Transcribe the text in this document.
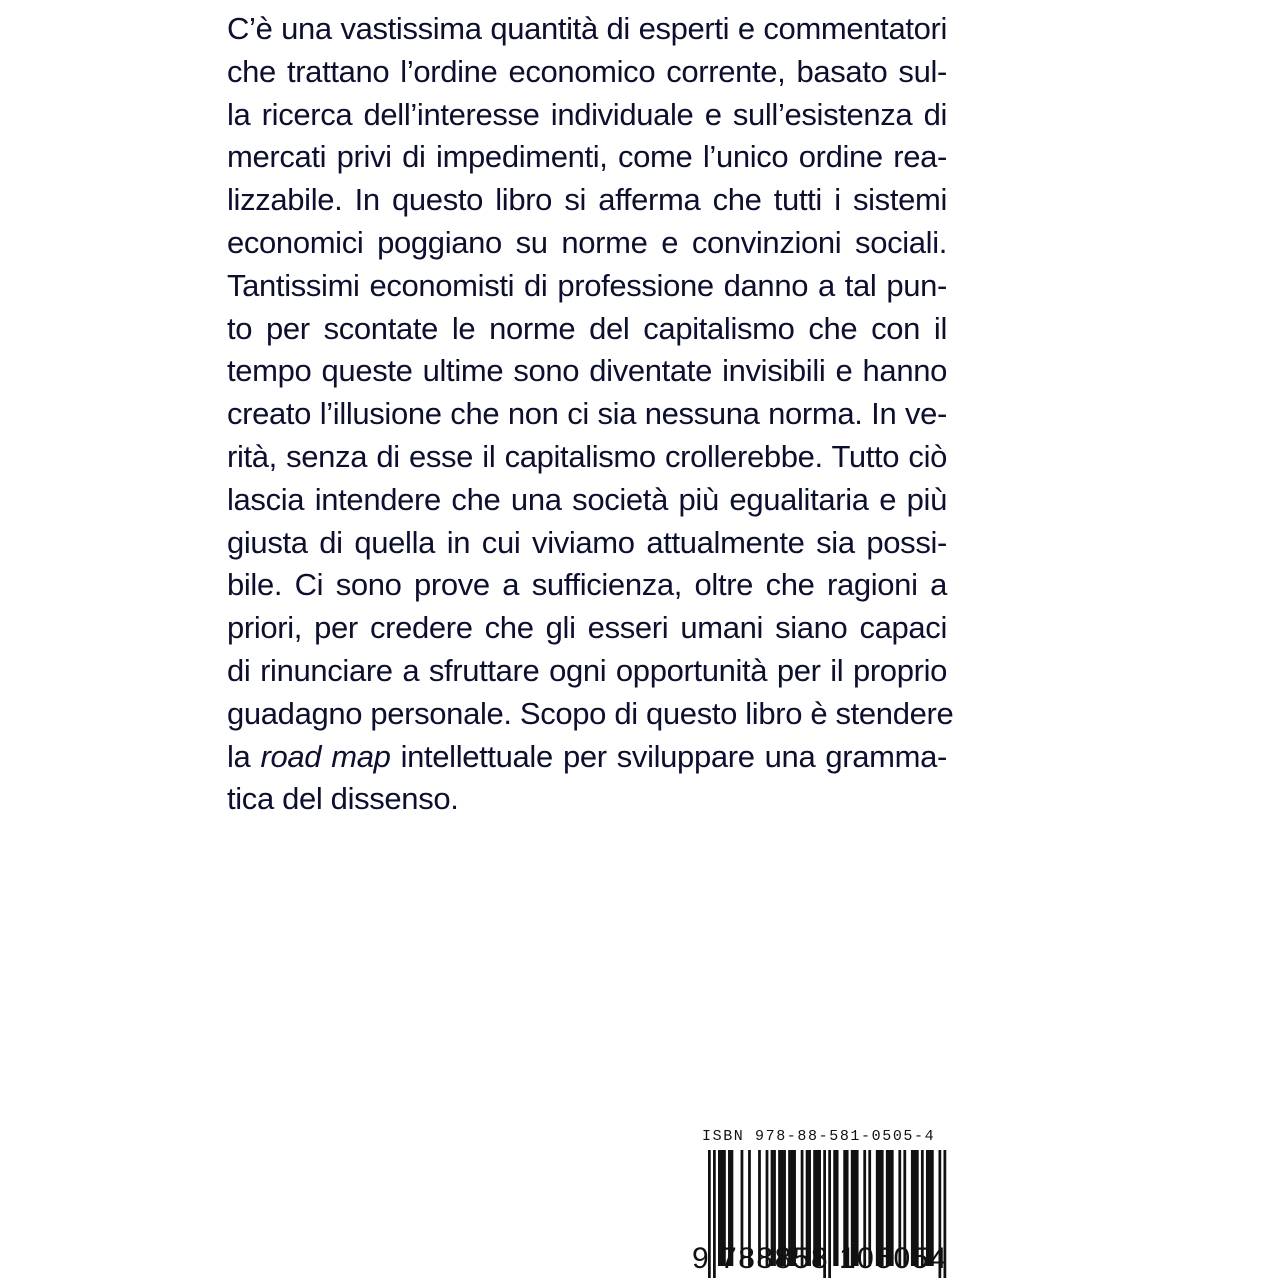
C’è una vastissima quantità di esperti e commentatori
che trattano l’ordine economico corrente, basato sul-
la ricerca dell’interesse individuale e sull’esistenza di
mercati privi di impedimenti, come l’unico ordine rea-
lizzabile. In questo libro si afferma che tutti i sistemi
economici poggiano su norme e convinzioni sociali.
Tantissimi economisti di professione danno a tal pun-
to per scontate le norme del capitalismo che con il
tempo queste ultime sono diventate invisibili e hanno
creato l’illusione che non ci sia nessuna norma. In ve-
rità, senza di esse il capitalismo crollerebbe. Tutto ciò
lascia intendere che una società più egualitaria e più
giusta di quella in cui viviamo attualmente sia possi-
bile. Ci sono prove a sufficienza, oltre che ragioni a
priori, per credere che gli esseri umani siano capaci
di rinunciare a sfruttare ogni opportunità per il proprio
guadagno personale. Scopo di questo libro è stendere
la road map intellettuale per sviluppare una gramma-
tica del dissenso.
ISBN 978-88-581-0505-4
9 788858 105054
